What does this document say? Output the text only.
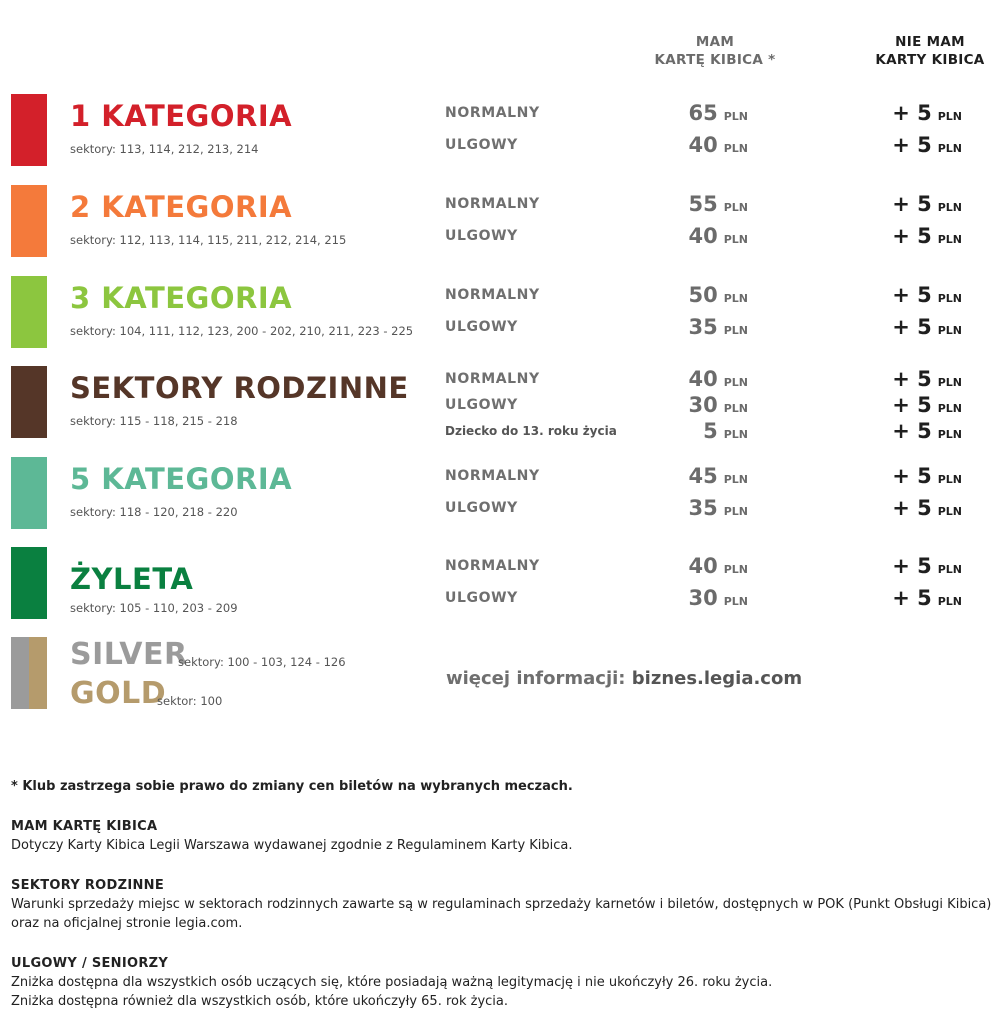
MAM
KARTĘ KIBICA *
NIE MAM
KARTY KIBICA
1 KATEGORIA
sektory: 113, 114, 212, 213, 214
NORMALNY	65 PLN	+ 5 PLN
ULGOWY	40 PLN	+ 5 PLN
2 KATEGORIA
sektory: 112, 113, 114, 115, 211, 212, 214, 215
NORMALNY	55 PLN	+ 5 PLN
ULGOWY	40 PLN	+ 5 PLN
3 KATEGORIA
sektory: 104, 111, 112, 123, 200 - 202, 210, 211, 223 - 225
NORMALNY	50 PLN	+ 5 PLN
ULGOWY	35 PLN	+ 5 PLN
SEKTORY RODZINNE
sektory: 115 - 118, 215 - 218
NORMALNY	40 PLN	+ 5 PLN
ULGOWY	30 PLN	+ 5 PLN
Dziecko do 13. roku życia	5 PLN	+ 5 PLN
5 KATEGORIA
sektory: 118 - 120, 218 - 220
NORMALNY	45 PLN	+ 5 PLN
ULGOWY	35 PLN	+ 5 PLN
ŻYLETA
sektory: 105 - 110, 203 - 209
NORMALNY	40 PLN	+ 5 PLN
ULGOWY	30 PLN	+ 5 PLN
SILVER
sektory: 100 - 103, 124 - 126
GOLD
sektor: 100
więcej informacji: biznes.legia.com
* Klub zastrzega sobie prawo do zmiany cen biletów na wybranych meczach.
MAM KARTĘ KIBICA
Dotyczy Karty Kibica Legii Warszawa wydawanej zgodnie z Regulaminem Karty Kibica.
SEKTORY RODZINNE
Warunki sprzedaży miejsc w sektorach rodzinnych zawarte są w regulaminach sprzedaży karnetów i biletów, dostępnych w POK (Punkt Obsługi Kibica)
oraz na oficjalnej stronie legia.com.
ULGOWY / SENIORZY
Zniżka dostępna dla wszystkich osób uczących się, które posiadają ważną legitymację i nie ukończyły 26. roku życia.
Zniżka dostępna również dla wszystkich osób, które ukończyły 65. rok życia.
